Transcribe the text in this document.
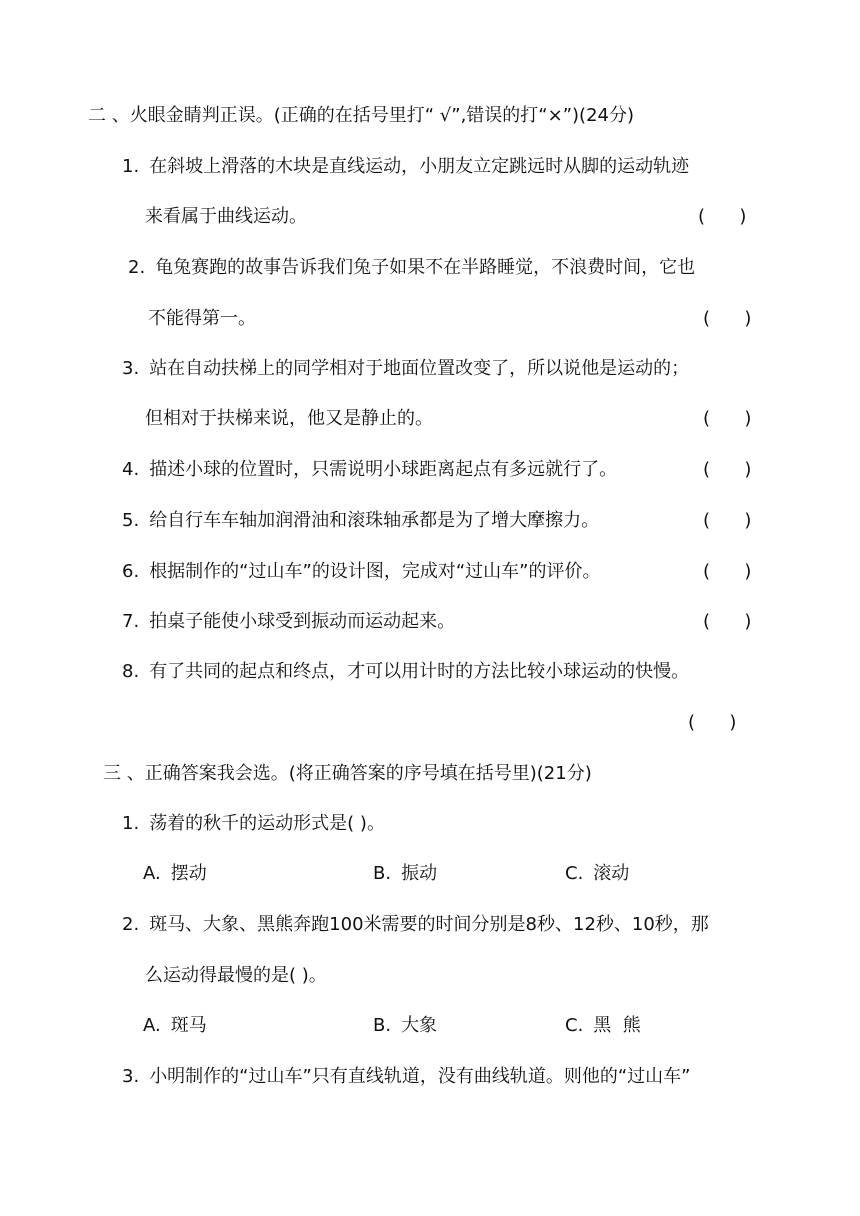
二 、火眼金睛判正误。(正确的在括号里打“ √”,错误的打“×”)(24分)
1. 在斜坡上滑落的木块是直线运动，小朋友立定跳远时从脚的运动轨迹
来看属于曲线运动。	(      )
2. 龟兔赛跑的故事告诉我们兔子如果不在半路睡觉，不浪费时间，它也
不能得第一。	(      )
3. 站在自动扶梯上的同学相对于地面位置改变了，所以说他是运动的；
但相对于扶梯来说，他又是静止的。	(      )
4. 描述小球的位置时，只需说明小球距离起点有多远就行了。	(      )
5. 给自行车车轴加润滑油和滚珠轴承都是为了增大摩擦力。	(      )
6. 根据制作的“过山车”的设计图，完成对“过山车”的评价。	(      )
7. 拍桌子能使小球受到振动而运动起来。	(      )
8. 有了共同的起点和终点，才可以用计时的方法比较小球运动的快慢。
(      )
三 、正确答案我会选。(将正确答案的序号填在括号里)(21分)
1. 荡着的秋千的运动形式是( )。
A. 摆动	B. 振动	C. 滚动
2. 斑马、大象、黑熊奔跑100米需要的时间分别是8秒、12秒、10秒，那
么运动得最慢的是( )。
A. 斑马	B. 大象	C. 黑  熊
3. 小明制作的“过山车”只有直线轨道，没有曲线轨道。则他的“过山车”
